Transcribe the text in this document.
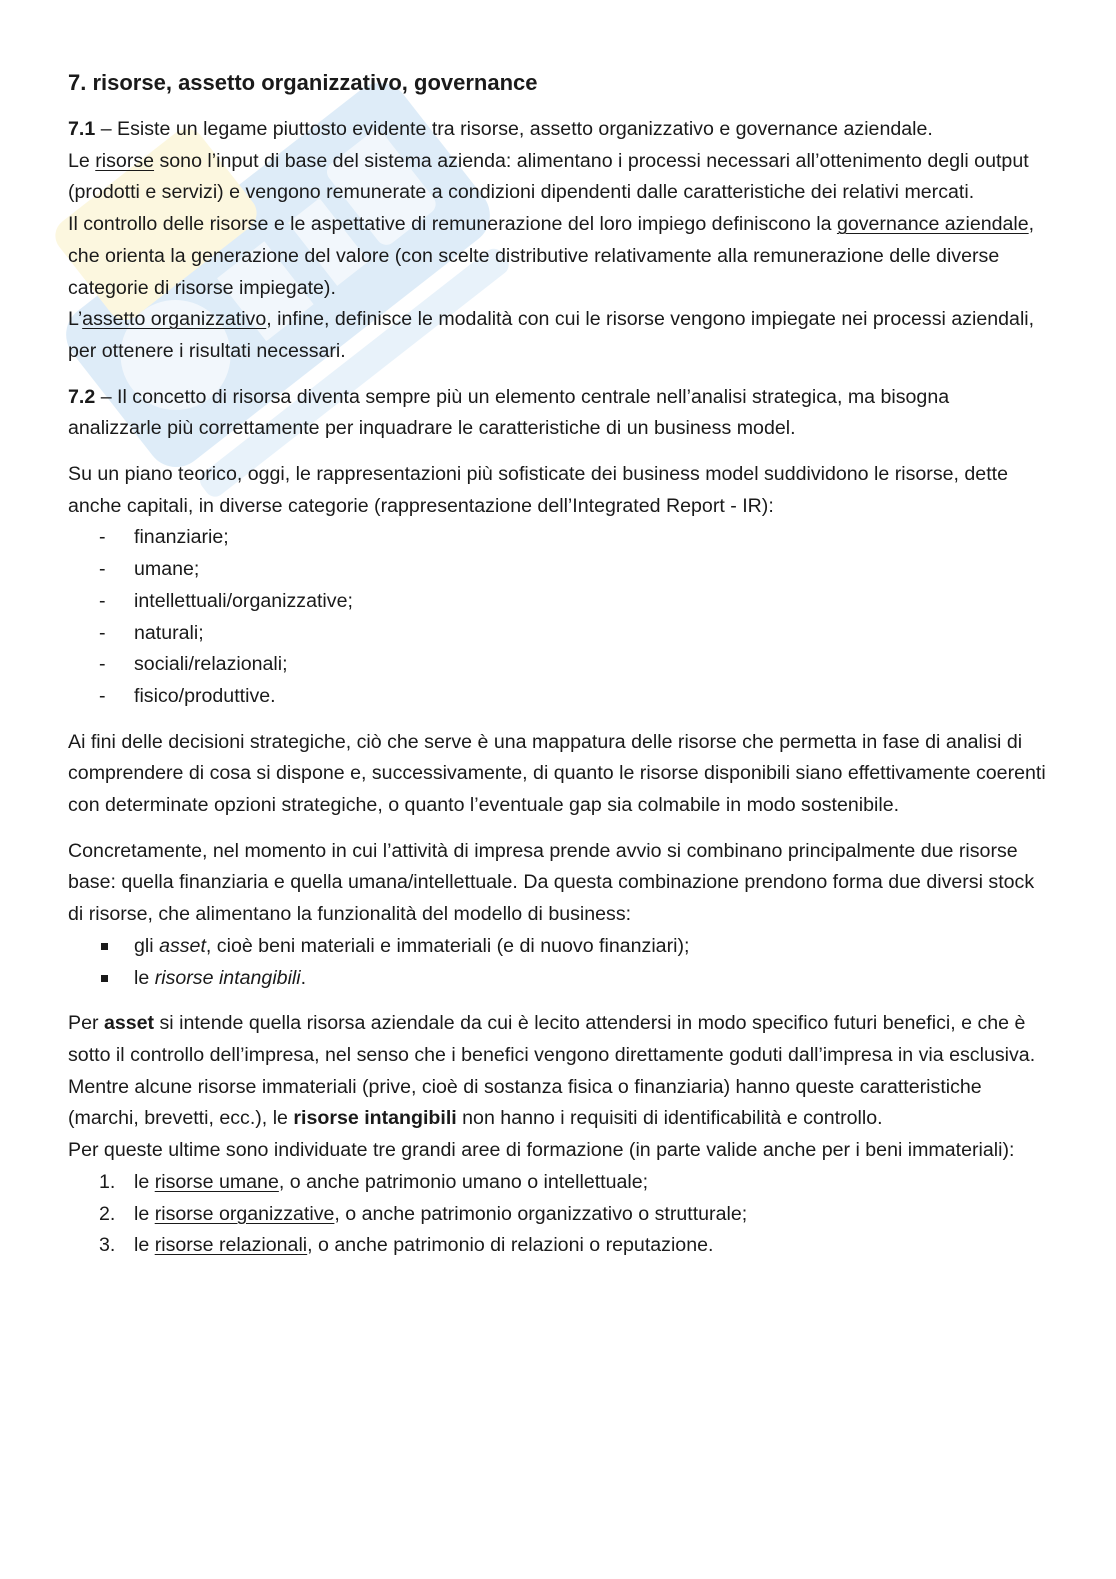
7. risorse, assetto organizzativo, governance

7.1 – Esiste un legame piuttosto evidente tra risorse, assetto organizzativo e governance aziendale.

Le risorse sono l’input di base del sistema azienda: alimentano i processi necessari all’ottenimento degli output (prodotti e servizi) e vengono remunerate a condizioni dipendenti dalle caratteristiche dei relativi mercati.

Il controllo delle risorse e le aspettative di remunerazione del loro impiego definiscono la governance aziendale, che orienta la generazione del valore (con scelte distributive relativamente alla remunerazione delle diverse categorie di risorse impiegate).

L’assetto organizzativo, infine, definisce le modalità con cui le risorse vengono impiegate nei processi aziendali, per ottenere i risultati necessari.

7.2 – Il concetto di risorsa diventa sempre più un elemento centrale nell’analisi strategica, ma bisogna analizzarle più correttamente per inquadrare le caratteristiche di un business model.

Su un piano teorico, oggi, le rappresentazioni più sofisticate dei business model suddividono le risorse, dette anche capitali, in diverse categorie (rappresentazione dell’Integrated Report - IR):

- finanziarie;
- umane;
- intellettuali/organizzative;
- naturali;
- sociali/relazionali;
- fisico/produttive.

Ai fini delle decisioni strategiche, ciò che serve è una mappatura delle risorse che permetta in fase di analisi di comprendere di cosa si dispone e, successivamente, di quanto le risorse disponibili siano effettivamente coerenti con determinate opzioni strategiche, o quanto l’eventuale gap sia colmabile in modo sostenibile.

Concretamente, nel momento in cui l’attività di impresa prende avvio si combinano principalmente due risorse base: quella finanziaria e quella umana/intellettuale. Da questa combinazione prendono forma due diversi stock di risorse, che alimentano la funzionalità del modello di business:

gli asset, cioè beni materiali e immateriali (e di nuovo finanziari);
le risorse intangibili.

Per asset si intende quella risorsa aziendale da cui è lecito attendersi in modo specifico futuri benefici, e che è sotto il controllo dell’impresa, nel senso che i benefici vengono direttamente goduti dall’impresa in via esclusiva. Mentre alcune risorse immateriali (prive, cioè di sostanza fisica o finanziaria) hanno queste caratteristiche (marchi, brevetti, ecc.), le risorse intangibili non hanno i requisiti di identificabilità e controllo.

Per queste ultime sono individuate tre grandi aree di formazione (in parte valide anche per i beni immateriali):

1. le risorse umane, o anche patrimonio umano o intellettuale;
2. le risorse organizzative, o anche patrimonio organizzativo o strutturale;
3. le risorse relazionali, o anche patrimonio di relazioni o reputazione.
